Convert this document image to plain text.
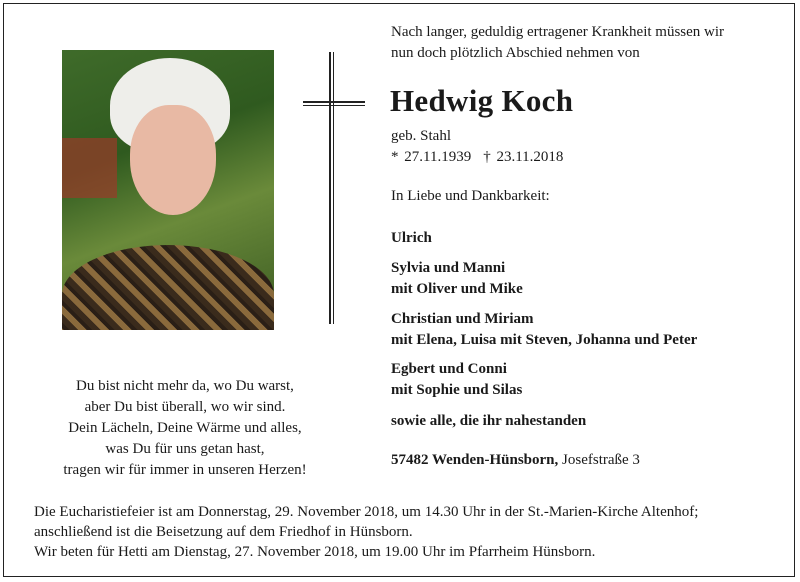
Nach langer, geduldig ertragener Krankheit müssen wir
nun doch plötzlich Abschied nehmen von
Hedwig Koch
geb. Stahl
* 27.11.1939 † 23.11.2018
In Liebe und Dankbarkeit:
Ulrich
Sylvia und Manni
mit Oliver und Mike
Christian und Miriam
mit Elena, Luisa mit Steven, Johanna und Peter
Egbert und Conni
mit Sophie und Silas
sowie alle, die ihr nahestanden
57482 Wenden-Hünsborn, Josefstraße 3
Du bist nicht mehr da, wo Du warst,
aber Du bist überall, wo wir sind.
Dein Lächeln, Deine Wärme und alles,
was Du für uns getan hast,
tragen wir für immer in unseren Herzen!
Die Eucharistiefeier ist am Donnerstag, 29. November 2018, um 14.30 Uhr in der St.-Marien-Kirche Altenhof;
anschließend ist die Beisetzung auf dem Friedhof in Hünsborn.
Wir beten für Hetti am Dienstag, 27. November 2018, um 19.00 Uhr im Pfarrheim Hünsborn.
